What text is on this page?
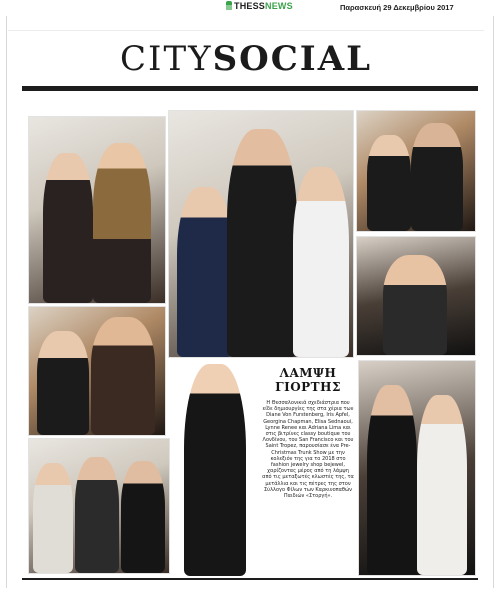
THESSNEWS	Παρασκευή 29 Δεκεμβρίου 2017
CITYSOCIAL
ΛΑΜΨΗ
ΓΙΟΡΤΗΣ
Η Θεσσαλονικιά σχεδιάστρια που είδε δημιουργίες της στα χέρια των Diane Von Furstenberg, Iris Apfel, Georgina Chapman, Elisa Sednaoui, Lynne Renee και Adriana Lima και στις βιτρίνες classy boutique του Λονδίνου, του San Francisco και του Saint Tropez, παρουσίασε ένα Pre-Christmas Trunk Show με την κολεξιόν της για το 2018 στο fashion jewelry shop bejewel, χαρίζοντας μέρος από τη λάμψη από τις μεταξωτές κλωστές της, τα μετάλλια και τις πέτρες της στον Σύλλογο Φίλων των Καρκινοπαθών Παιδιών «Στοργή».
